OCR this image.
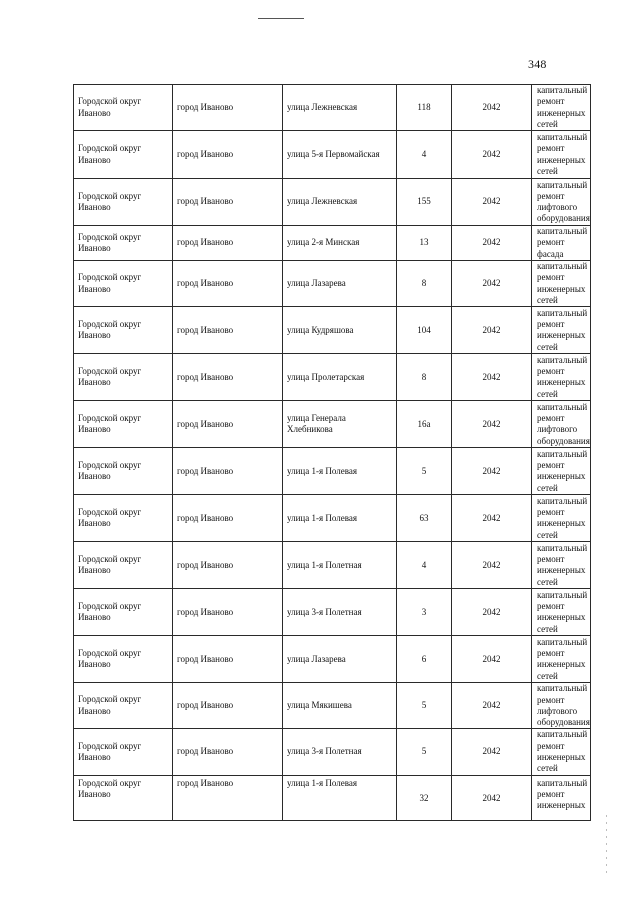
348
Городской округ Иваново	город Иваново	улица Лежневская	118	2042	капитальный ремонт инженерных сетей
Городской округ Иваново	город Иваново	улица 5-я Первомайская	4	2042	капитальный ремонт инженерных сетей
Городской округ Иваново	город Иваново	улица Лежневская	155	2042	капитальный ремонт лифтового оборудования
Городской округ Иваново	город Иваново	улица 2-я Минская	13	2042	капитальный ремонт фасада
Городской округ Иваново	город Иваново	улица Лазарева	8	2042	капитальный ремонт инженерных сетей
Городской округ Иваново	город Иваново	улица Кудряшова	104	2042	капитальный ремонт инженерных сетей
Городской округ Иваново	город Иваново	улица Пролетарская	8	2042	капитальный ремонт инженерных сетей
Городской округ Иваново	город Иваново	улица Генерала Хлебникова	16а	2042	капитальный ремонт лифтового оборудования
Городской округ Иваново	город Иваново	улица 1-я Полевая	5	2042	капитальный ремонт инженерных сетей
Городской округ Иваново	город Иваново	улица 1-я Полевая	63	2042	капитальный ремонт инженерных сетей
Городской округ Иваново	город Иваново	улица 1-я Полетная	4	2042	капитальный ремонт инженерных сетей
Городской округ Иваново	город Иваново	улица 3-я Полетная	3	2042	капитальный ремонт инженерных сетей
Городской округ Иваново	город Иваново	улица Лазарева	6	2042	капитальный ремонт инженерных сетей
Городской округ Иваново	город Иваново	улица Мякишева	5	2042	капитальный ремонт лифтового оборудования
Городской округ Иваново	город Иваново	улица 3-я Полетная	5	2042	капитальный ремонт инженерных сетей
Городской округ Иваново	город Иваново	улица 1-я Полевая	32	2042	капитальный ремонт инженерных
